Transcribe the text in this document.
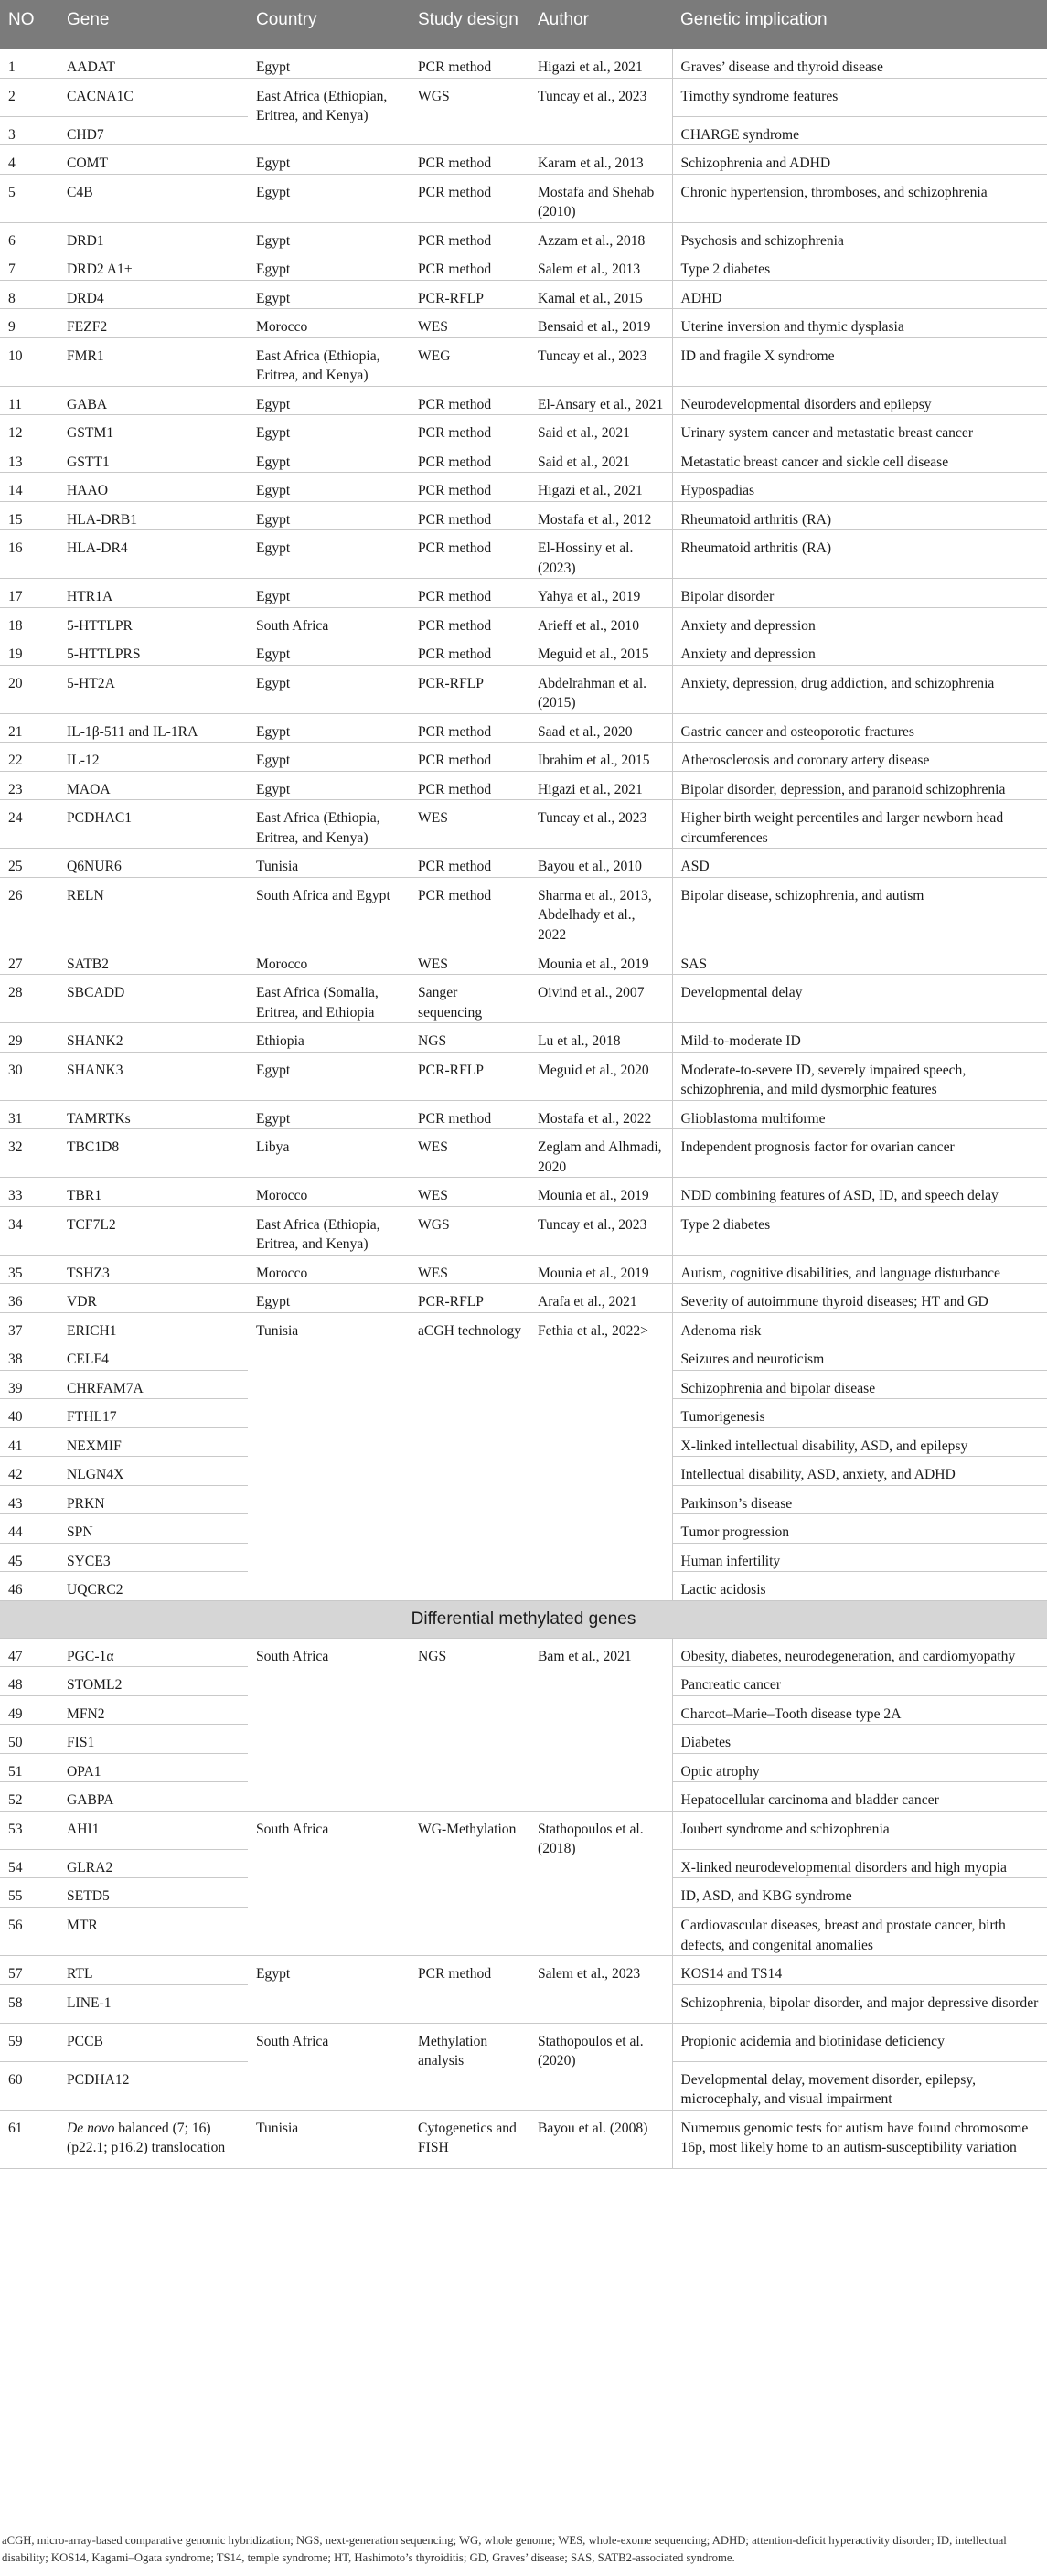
NO	Gene	Country	Study design	Author	Genetic implication
1	AADAT	Egypt	PCR method	Higazi et al., 2021	Graves’ disease and thyroid disease
2	CACNA1C	East Africa (Ethiopian, Eritrea, and Kenya)	WGS	Tuncay et al., 2023	Timothy syndrome features
3	CHD7				CHARGE syndrome
4	COMT	Egypt	PCR method	Karam et al., 2013	Schizophrenia and ADHD
5	C4B	Egypt	PCR method	Mostafa and Shehab (2010)	Chronic hypertension, thromboses, and schizophrenia
6	DRD1	Egypt	PCR method	Azzam et al., 2018	Psychosis and schizophrenia
7	DRD2 A1+	Egypt	PCR method	Salem et al., 2013	Type 2 diabetes
8	DRD4	Egypt	PCR-RFLP	Kamal et al., 2015	ADHD
9	FEZF2	Morocco	WES	Bensaid et al., 2019	Uterine inversion and thymic dysplasia
10	FMR1	East Africa (Ethiopia, Eritrea, and Kenya)	WEG	Tuncay et al., 2023	ID and fragile X syndrome
11	GABA	Egypt	PCR method	El-Ansary et al., 2021	Neurodevelopmental disorders and epilepsy
12	GSTM1	Egypt	PCR method	Said et al., 2021	Urinary system cancer and metastatic breast cancer
13	GSTT1	Egypt	PCR method	Said et al., 2021	Metastatic breast cancer and sickle cell disease
14	HAAO	Egypt	PCR method	Higazi et al., 2021	Hypospadias
15	HLA-DRB1	Egypt	PCR method	Mostafa et al., 2012	Rheumatoid arthritis (RA)
16	HLA-DR4	Egypt	PCR method	El-Hossiny et al. (2023)	Rheumatoid arthritis (RA)
17	HTR1A	Egypt	PCR method	Yahya et al., 2019	Bipolar disorder
18	5-HTTLPR	South Africa	PCR method	Arieff et al., 2010	Anxiety and depression
19	5-HTTLPRS	Egypt	PCR method	Meguid et al., 2015	Anxiety and depression
20	5-HT2A	Egypt	PCR-RFLP	Abdelrahman et al. (2015)	Anxiety, depression, drug addiction, and schizophrenia
21	IL-1β-511 and IL-1RA	Egypt	PCR method	Saad et al., 2020	Gastric cancer and osteoporotic fractures
22	IL-12	Egypt	PCR method	Ibrahim et al., 2015	Atherosclerosis and coronary artery disease
23	MAOA	Egypt	PCR method	Higazi et al., 2021	Bipolar disorder, depression, and paranoid schizophrenia
24	PCDHAC1	East Africa (Ethiopia, Eritrea, and Kenya)	WES	Tuncay et al., 2023	Higher birth weight percentiles and larger newborn head circumferences
25	Q6NUR6	Tunisia	PCR method	Bayou et al., 2010	ASD
26	RELN	South Africa and Egypt	PCR method	Sharma et al., 2013, Abdelhady et al., 2022	Bipolar disease, schizophrenia, and autism
27	SATB2	Morocco	WES	Mounia et al., 2019	SAS
28	SBCADD	East Africa (Somalia, Eritrea, and Ethiopia	Sanger sequencing	Oivind et al., 2007	Developmental delay
29	SHANK2	Ethiopia	NGS	Lu et al., 2018	Mild-to-moderate ID
30	SHANK3	Egypt	PCR-RFLP	Meguid et al., 2020	Moderate-to-severe ID, severely impaired speech, schizophrenia, and mild dysmorphic features
31	TAMRTKs	Egypt	PCR method	Mostafa et al., 2022	Glioblastoma multiforme
32	TBC1D8	Libya	WES	Zeglam and Alhmadi, 2020	Independent prognosis factor for ovarian cancer
33	TBR1	Morocco	WES	Mounia et al., 2019	NDD combining features of ASD, ID, and speech delay
34	TCF7L2	East Africa (Ethiopia, Eritrea, and Kenya)	WGS	Tuncay et al., 2023	Type 2 diabetes
35	TSHZ3	Morocco	WES	Mounia et al., 2019	Autism, cognitive disabilities, and language disturbance
36	VDR	Egypt	PCR-RFLP	Arafa et al., 2021	Severity of autoimmune thyroid diseases; HT and GD
37	ERICH1	Tunisia	aCGH technology	Fethia et al., 2022>	Adenoma risk
38	CELF4				Seizures and neuroticism
39	CHRFAM7A				Schizophrenia and bipolar disease
40	FTHL17				Tumorigenesis
41	NEXMIF				X-linked intellectual disability, ASD, and epilepsy
42	NLGN4X				Intellectual disability, ASD, anxiety, and ADHD
43	PRKN				Parkinson’s disease
44	SPN				Tumor progression
45	SYCE3				Human infertility
46	UQCRC2				Lactic acidosis
Differential methylated genes					
47	PGC-1α	South Africa	NGS	Bam et al., 2021	Obesity, diabetes, neurodegeneration, and cardiomyopathy
48	STOML2				Pancreatic cancer
49	MFN2				Charcot–Marie–Tooth disease type 2A
50	FIS1				Diabetes
51	OPA1				Optic atrophy
52	GABPA				Hepatocellular carcinoma and bladder cancer
53	AHI1	South Africa	WG-Methylation	Stathopoulos et al. (2018)	Joubert syndrome and schizophrenia
54	GLRA2				X-linked neurodevelopmental disorders and high myopia
55	SETD5				ID, ASD, and KBG syndrome
56	MTR				Cardiovascular diseases, breast and prostate cancer, birth defects, and congenital anomalies
57	RTL	Egypt	PCR method	Salem et al., 2023	KOS14 and TS14
58	LINE-1				Schizophrenia, bipolar disorder, and major depressive disorder
59	PCCB	South Africa	Methylation analysis	Stathopoulos et al. (2020)	Propionic acidemia and biotinidase deficiency
60	PCDHA12				Developmental delay, movement disorder, epilepsy, microcephaly, and visual impairment
61	De novo balanced (7; 16) (p22.1; p16.2) translocation	Tunisia	Cytogenetics and FISH	Bayou et al. (2008)	Numerous genomic tests for autism have found chromosome 16p, most likely home to an autism-susceptibility variation
aCGH, micro-array-based comparative genomic hybridization; NGS, next-generation sequencing; WG, whole genome; WES, whole-exome sequencing; ADHD; attention-deficit hyperactivity disorder; ID, intellectual disability; KOS14, Kagami–Ogata syndrome; TS14, temple syndrome; HT, Hashimoto’s thyroiditis; GD, Graves’ disease; SAS, SATB2-associated syndrome.
